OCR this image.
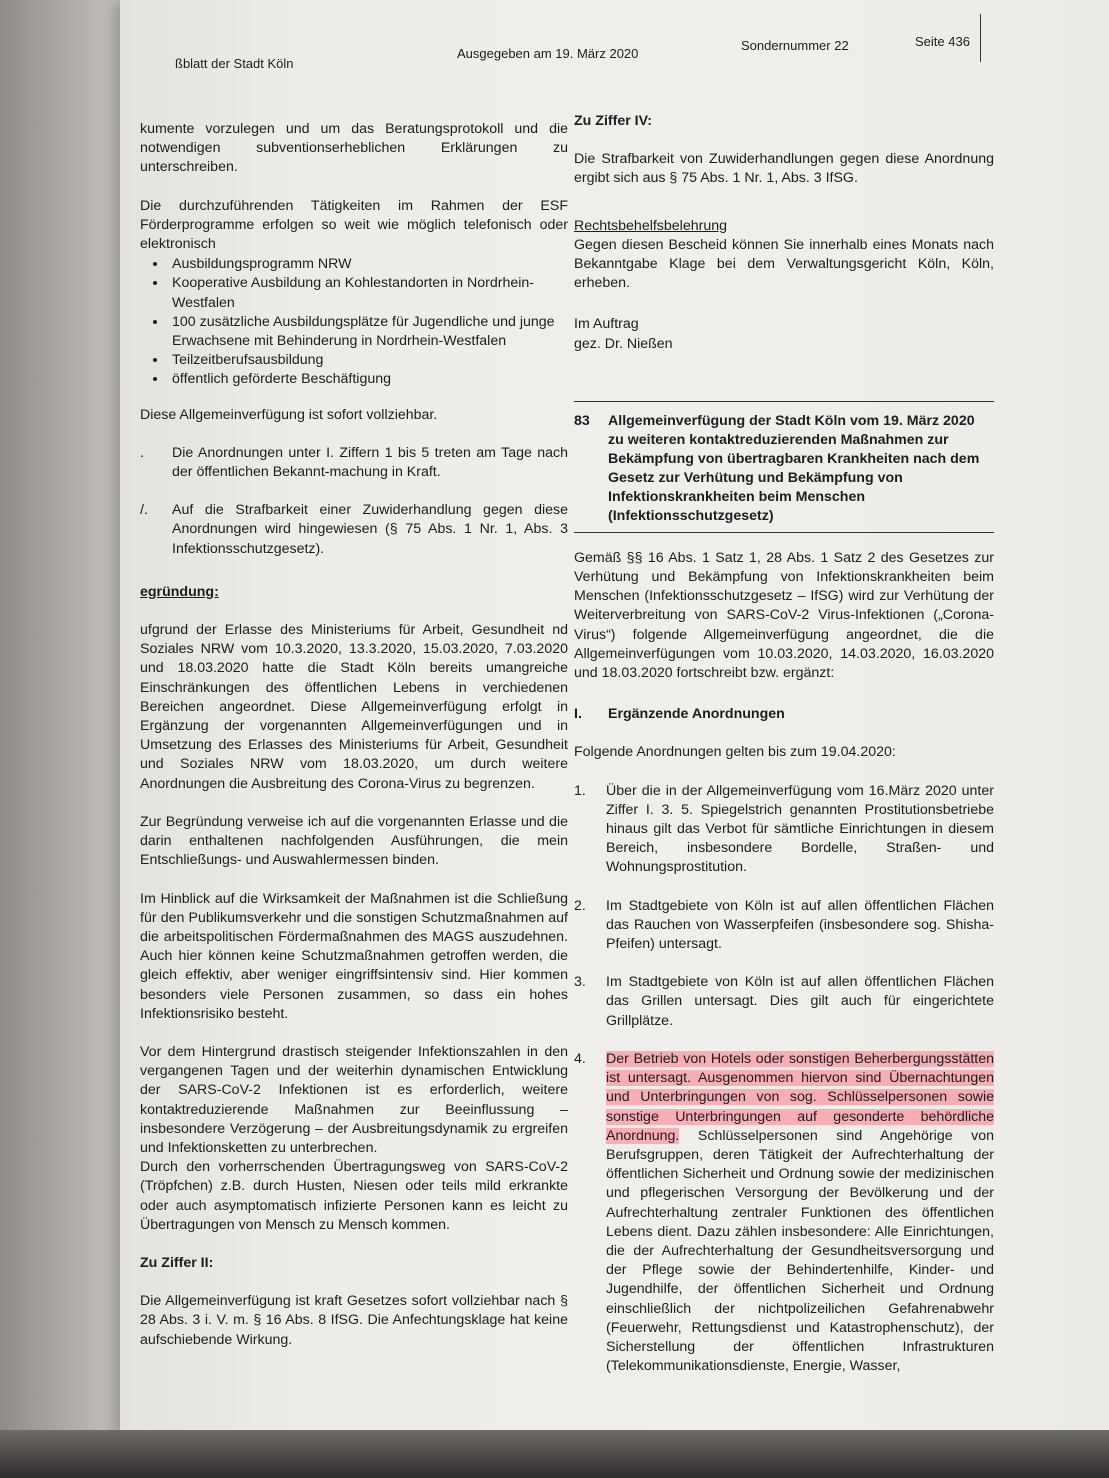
ßblatt der Stadt Köln
Ausgegeben am 19. März 2020
Sondernummer 22	Seite 436

kumente vorzulegen und um das Beratungsprotokoll und die notwendigen subventionserheblichen Erklärungen zu unterschreiben.

Die durchzuführenden Tätigkeiten im Rahmen der ESF Förderprogramme erfolgen so weit wie möglich telefonisch oder elektronisch

• Ausbildungsprogramm NRW
• Kooperative Ausbildung an Kohlestandorten in Nordrhein- Westfalen
• 100 zusätzliche Ausbildungsplätze für Jugendliche und junge Erwachsene mit Behinderung in Nordrhein-Westfalen
• Teilzeitberufsausbildung
• öffentlich geförderte Beschäftigung

Diese Allgemeinverfügung ist sofort vollziehbar.

.	Die Anordnungen unter I. Ziffern 1 bis 5 treten am Tage nach der öffentlichen Bekannt-machung in Kraft.
/.	Auf die Strafbarkeit einer Zuwiderhandlung gegen diese Anordnungen wird hingewiesen (§ 75 Abs. 1 Nr. 1, Abs. 3 Infektionsschutzgesetz).

egründung:

ufgrund der Erlasse des Ministeriums für Arbeit, Gesundheit nd Soziales NRW vom 10.3.2020, 13.3.2020, 15.03.2020, 7.03.2020 und 18.03.2020 hatte die Stadt Köln bereits umangreiche Einschränkungen des öffentlichen Lebens in verchiedenen Bereichen angeordnet. Diese Allgemeinverfügung erfolgt in Ergänzung der vorgenannten Allgemeinverfügungen und in Umsetzung des Erlasses des Ministeriums für Arbeit, Gesundheit und Soziales NRW vom 18.03.2020, um durch weitere Anordnungen die Ausbreitung des Corona-Virus zu begrenzen.

Zur Begründung verweise ich auf die vorgenannten Erlasse und die darin enthaltenen nachfolgenden Ausführungen, die mein Entschließungs- und Auswahlermessen binden.

Im Hinblick auf die Wirksamkeit der Maßnahmen ist die Schließung für den Publikumsverkehr und die sonstigen Schutzmaßnahmen auf die arbeitspolitischen Fördermaßnahmen des MAGS auszudehnen. Auch hier können keine Schutzmaßnahmen getroffen werden, die gleich effektiv, aber weniger eingriffsintensiv sind. Hier kommen besonders viele Personen zusammen, so dass ein hohes Infektionsrisiko besteht.

Vor dem Hintergrund drastisch steigender Infektionszahlen in den vergangenen Tagen und der weiterhin dynamischen Entwicklung der SARS-CoV-2 Infektionen ist es erforderlich, weitere kontaktreduzierende Maßnahmen zur Beeinflussung – insbesondere Verzögerung – der Ausbreitungsdynamik zu ergreifen und Infektionsketten zu unterbrechen.

Durch den vorherrschenden Übertragungsweg von SARS-CoV-2 (Tröpfchen) z.B. durch Husten, Niesen oder teils mild erkrankte oder auch asymptomatisch infizierte Personen kann es leicht zu Übertragungen von Mensch zu Mensch kommen.

Zu Ziffer II:

Die Allgemeinverfügung ist kraft Gesetzes sofort vollziehbar nach § 28 Abs. 3 i. V. m. § 16 Abs. 8 IfSG. Die Anfechtungsklage hat keine aufschiebende Wirkung.

Zu Ziffer IV:

Die Strafbarkeit von Zuwiderhandlungen gegen diese Anordnung ergibt sich aus § 75 Abs. 1 Nr. 1, Abs. 3 IfSG.

Rechtsbehelfsbelehrung

Gegen diesen Bescheid können Sie innerhalb eines Monats nach Bekanntgabe Klage bei dem Verwaltungsgericht Köln, Köln, erheben.

Im Auftrag

gez. Dr. Nießen

83	Allgemeinverfügung der Stadt Köln vom 19. März 2020 zu weiteren kontaktreduzierenden Maßnahmen zur Bekämpfung von übertragbaren Krankheiten nach dem Gesetz zur Verhütung und Bekämpfung von Infektionskrankheiten beim Menschen (Infektionsschutzgesetz)

Gemäß §§ 16 Abs. 1 Satz 1, 28 Abs. 1 Satz 2 des Gesetzes zur Verhütung und Bekämpfung von Infektionskrankheiten beim Menschen (Infektionsschutzgesetz – IfSG) wird zur Verhütung der Weiterverbreitung von SARS-CoV-2 Virus-Infektionen („Corona-Virus“) folgende Allgemeinverfügung angeordnet, die die Allgemeinverfügungen vom 10.03.2020, 14.03.2020, 16.03.2020 und 18.03.2020 fortschreibt bzw. ergänzt:

I.	Ergänzende Anordnungen

Folgende Anordnungen gelten bis zum 19.04.2020:

1.	Über die in der Allgemeinverfügung vom 16.März 2020 unter Ziffer I. 3. 5. Spiegelstrich genannten Prostitutionsbetriebe hinaus gilt das Verbot für sämtliche Einrichtungen in diesem Bereich, insbesondere Bordelle, Straßen- und Wohnungsprostitution.
2.	Im Stadtgebiete von Köln ist auf allen öffentlichen Flächen das Rauchen von Wasserpfeifen (insbesondere sog. Shisha-Pfeifen) untersagt.
3.	Im Stadtgebiete von Köln ist auf allen öffentlichen Flächen das Grillen untersagt. Dies gilt auch für eingerichtete Grillplätze.
4.	Der Betrieb von Hotels oder sonstigen Beherbergungsstätten ist untersagt. Ausgenommen hiervon sind Übernachtungen und Unterbringungen von sog. Schlüsselpersonen sowie sonstige Unterbringungen auf gesonderte behördliche Anordnung. Schlüsselpersonen sind Angehörige von Berufsgruppen, deren Tätigkeit der Aufrechterhaltung der öffentlichen Sicherheit und Ordnung sowie der medizinischen und pflegerischen Versorgung der Bevölkerung und der Aufrechterhaltung zentraler Funktionen des öffentlichen Lebens dient. Dazu zählen insbesondere: Alle Einrichtungen, die der Aufrechterhaltung der Gesundheitsversorgung und der Pflege sowie der Behindertenhilfe, Kinder- und Jugendhilfe, der öffentlichen Sicherheit und Ordnung einschließlich der nichtpolizeilichen Gefahrenabwehr (Feuerwehr, Rettungsdienst und Katastrophenschutz), der Sicherstellung der öffentlichen Infrastrukturen (Telekommunikationsdienste, Energie, Wasser,
